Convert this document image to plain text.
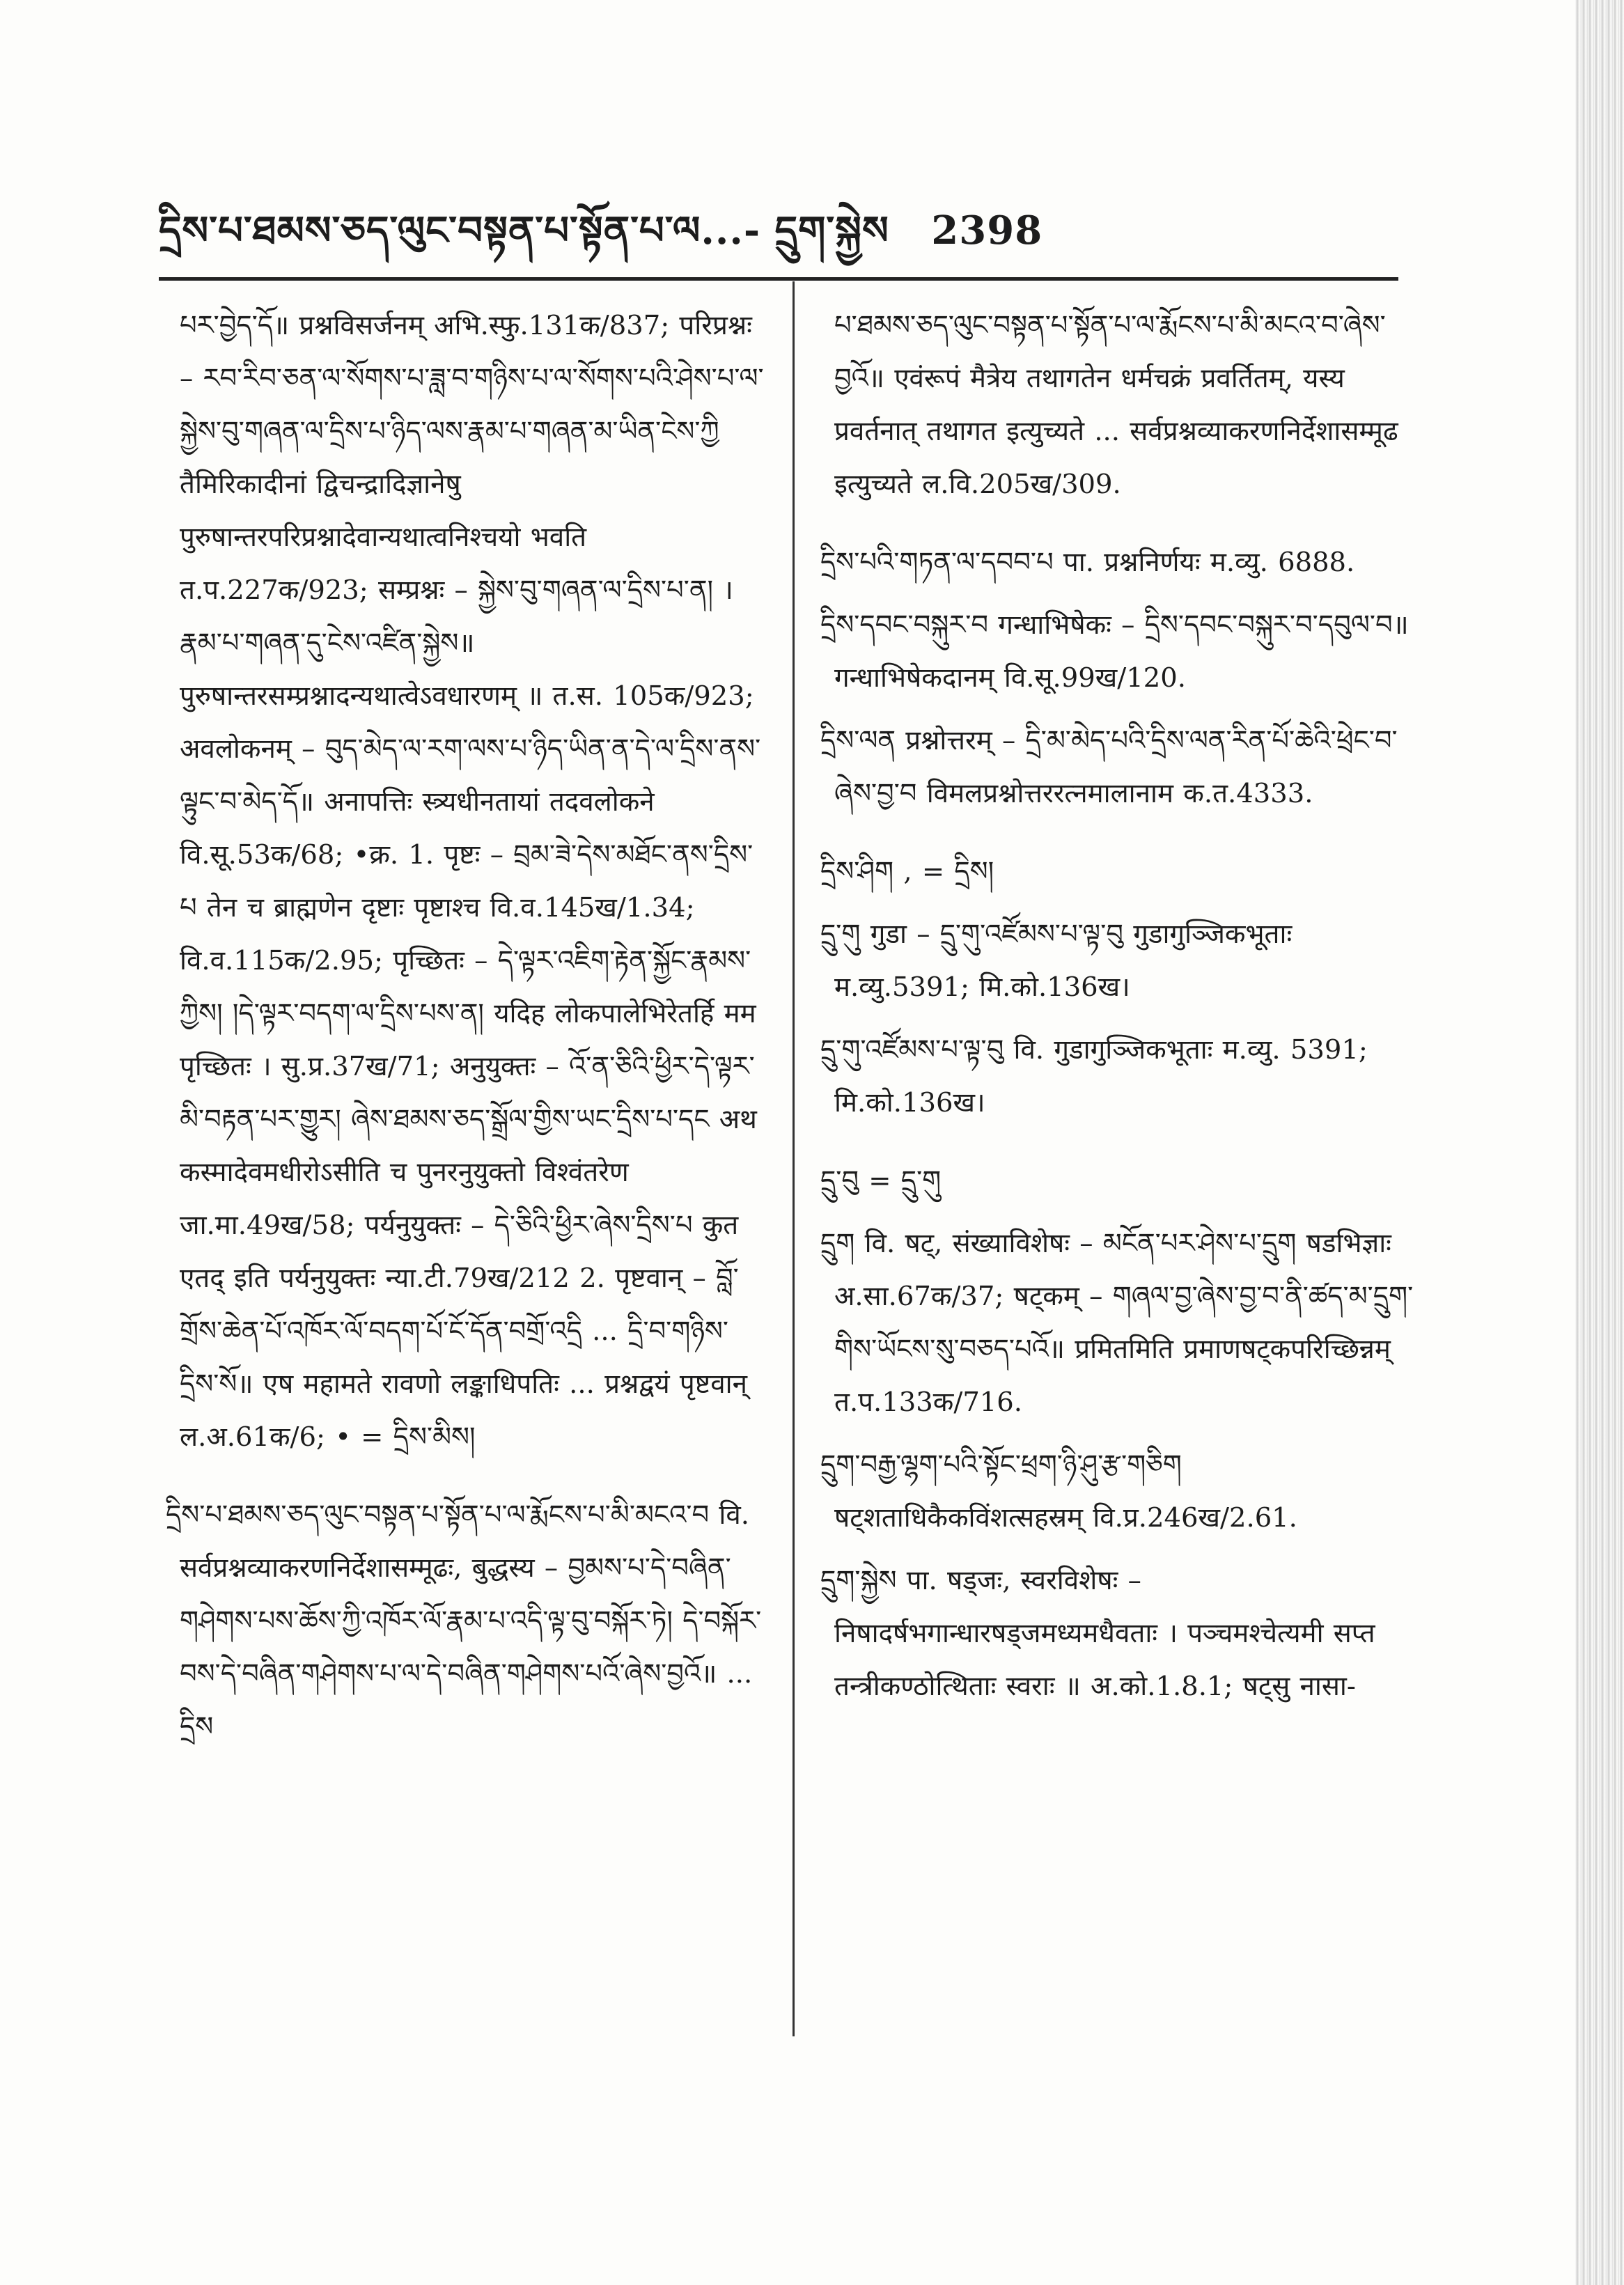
དྲིས་པ་ཐམས་ཅད་ལུང་བསྟན་པ་སྟོན་པ་ལ...- དྲུག་སྐྱེས 2398

པར་བྱེད་དོ॥ प्रश्नविसर्जनम् अभि.स्फु.131क/837; परिप्रश्नः – རབ་རིབ་ཅན་ལ་སོགས་པ་ཟླ་བ་གཉིས་པ་ལ་སོགས་པའི་ཤེས་པ་ལ་སྐྱེས་བུ་གཞན་ལ་དྲིས་པ་ཉིད་ལས་རྣམ་པ་གཞན་མ་ཡིན་ངེས་ཀྱི तैमिरिकादीनां द्विचन्द्रादिज्ञानेषु पुरुषान्तरपरिप्रश्नादेवान्यथात्वनिश्चयो भवति त.प.227क/923; सम्प्रश्नः – སྐྱེས་བུ་གཞན་ལ་དྲིས་པ་ན། ।རྣམ་པ་གཞན་དུ་ངེས་འཛིན་སྐྱེས॥ पुरुषान्तरसम्प्रश्नादन्यथात्वेऽवधारणम् ॥ त.स. 105क/923; अवलोकनम् – བུད་མེད་ལ་རག་ལས་པ་ཉིད་ཡིན་ན་དེ་ལ་དྲིས་ནས་ལྟུང་བ་མེད་དོ॥ अनापत्तिः स्त्र्यधीनतायां तदवलोकने वि.सू.53क/68; •क्र. 1. पृष्टः – བྲམ་ཟེ་དེས་མཐོང་ནས་དྲིས་པ तेन च ब्राह्मणेन दृष्टाः पृष्टाश्च वि.व.145ख/1.34; वि.व.115क/2.95; पृच्छितः – དེ་ལྟར་འཇིག་རྟེན་སྐྱོང་རྣམས་ཀྱིས། །དེ་ལྟར་བདག་ལ་དྲིས་པས་ན། यदिह लोकपालेभिरेतर्हि मम पृच्छितः । सु.प्र.37ख/71; अनुयुक्तः – འོ་ན་ཅིའི་ཕྱིར་དེ་ལྟར་མི་བརྟན་པར་གྱུར། ཞེས་ཐམས་ཅད་སྒྲོལ་གྱིས་ཡང་དྲིས་པ་དང अथ कस्मादेवमधीरोऽसीति च पुनरनुयुक्तो विश्वंतरेण जा.मा.49ख/58; पर्यनुयुक्तः – དེ་ཅིའི་ཕྱིར་ཞེས་དྲིས་པ कुत एतद् इति पर्यनुयुक्तः न्या.टी.79ख/212 2. पृष्टवान् – བློ་གྲོས་ཆེན་པོ་འཁོར་ལོ་བདག་པོ་ངོ་དོན་བགྲོ་འདྲི ... དྲི་བ་གཉིས་དྲིས་སོ॥ एष महामते रावणो लङ्काधिपतिः ... प्रश्नद्वयं पृष्टवान् ल.अ.61क/6; • = དྲིས་མིས།

དྲིས་པ་ཐམས་ཅད་ལུང་བསྟན་པ་སྟོན་པ་ལ་རྨོངས་པ་མི་མངའ་བ वि. सर्वप्रश्नव्याकरणनिर्देशासम्मूढः, बुद्धस्य – བྱམས་པ་དེ་བཞིན་གཤེགས་པས་ཆོས་ཀྱི་འཁོར་ལོ་རྣམ་པ་འདི་ལྟ་བུ་བསྐོར་ཏེ། དེ་བསྐོར་བས་དེ་བཞིན་གཤེགས་པ་ལ་དེ་བཞིན་གཤེགས་པའོ་ཞེས་བྱའོ॥ ... དྲིས

པ་ཐམས་ཅད་ལུང་བསྟན་པ་སྟོན་པ་ལ་རྨོངས་པ་མི་མངའ་བ་ཞེས་བྱའོ॥ एवंरूपं मैत्रेय तथागतेन धर्मचक्रं प्रवर्तितम्, यस्य प्रवर्तनात् तथागत इत्युच्यते ... सर्वप्रश्नव्याकरणनिर्देशासम्मूढ इत्युच्यते ल.वि.205ख/309.

དྲིས་པའི་གཏན་ལ་དབབ་པ पा. प्रश्ननिर्णयः म.व्यु. 6888.

དྲིས་དབང་བསྐུར་བ गन्धाभिषेकः – དྲིས་དབང་བསྐུར་བ་དབུལ་བ॥ गन्धाभिषेकदानम् वि.सू.99ख/120.

དྲིས་ལན प्रश्नोत्तरम् – དྲི་མ་མེད་པའི་དྲིས་ལན་རིན་པོ་ཆེའི་ཕྲེང་བ་ཞེས་བྱ་བ विमलप्रश्नोत्तररत्नमालानाम क.त.4333.

དྲིས་ཤིག , = དྲིས།

དྲུ་གུ गुडा – དྲུ་གུ་འཛོམས་པ་ལྟ་བུ गुडागुञ्जिकभूताः म.व्यु.5391; मि.को.136ख।

དྲུ་གུ་འཛོམས་པ་ལྟ་བུ वि. गुडागुञ्जिकभूताः म.व्यु. 5391; मि.को.136ख।

དྲུ་བུ = དྲུ་གུ

དྲུག वि. षट्, संख्याविशेषः – མངོན་པར་ཤེས་པ་དྲུག षडभिज्ञाः अ.सा.67क/37; षट्कम् – གཞལ་བྱ་ཞེས་བྱ་བ་ནི་ཚད་མ་དྲུག་གིས་ཡོངས་སུ་བཅད་པའོ॥ प्रमितमिति प्रमाणषट्कपरिच्छिन्नम् त.प.133क/716.

དྲུག་བརྒྱ་ལྷག་པའི་སྟོང་ཕྲག་ཉི་ཤུ་རྩ་གཅིག षट्शताधिकैकविंशत्सहस्रम् वि.प्र.246ख/2.61.

དྲུག་སྐྱེས पा. षड्जः, स्वरविशेषः – निषादर्षभगान्धारषड्जमध्यमधैवताः । पञ्चमश्चेत्यमी सप्त तन्त्रीकण्ठोत्थिताः स्वराः ॥ अ.को.1.8.1; षट्सु नासा-
